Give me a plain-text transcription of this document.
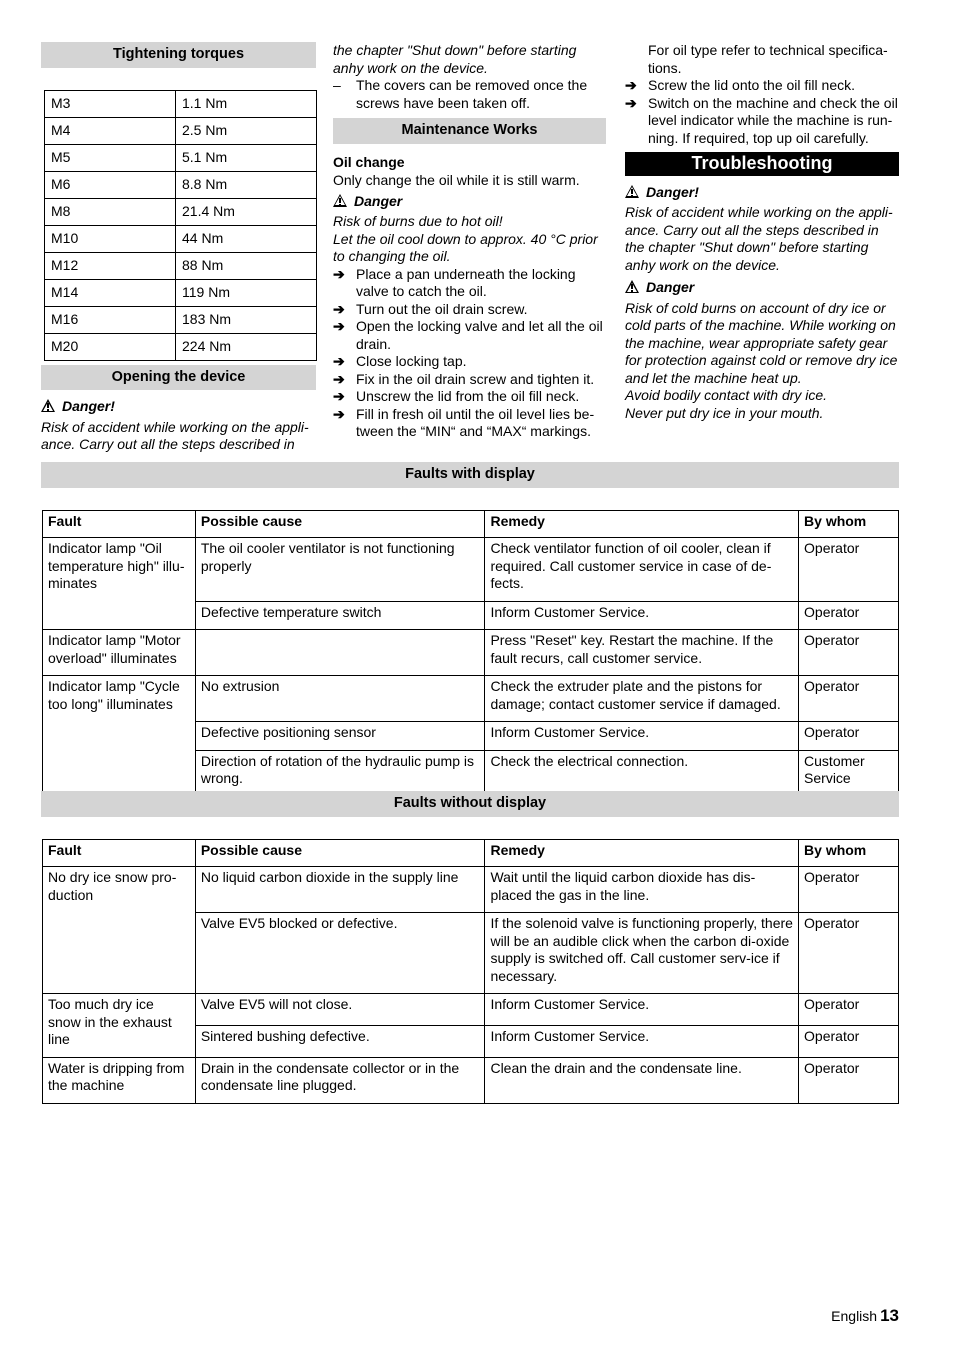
Tightening torques
M3	1.1 Nm
M4	2.5 Nm
M5	5.1 Nm
M6	8.8 Nm
M8	21.4 Nm
M10	44 Nm
M12	88 Nm
M14	119 Nm
M16	183 Nm
M20	224 Nm
Opening the device
Danger!
Risk of accident while working on the appli-ance. Carry out all the steps described in
the chapter "Shut down" before starting anhy work on the device.
– The covers can be removed once the screws have been taken off.
Maintenance Works
Oil change
Only change the oil while it is still warm.
Danger
Risk of burns due to hot oil!
Let the oil cool down to approx. 40 °C prior to changing the oil.
➔ Place a pan underneath the locking valve to catch the oil.
➔ Turn out the oil drain screw.
➔ Open the locking valve and let all the oil drain.
➔ Close locking tap.
➔ Fix in the oil drain screw and tighten it.
➔ Unscrew the lid from the oil fill neck.
➔ Fill in fresh oil until the oil level lies be-tween the “MIN“ and “MAX“ markings.
For oil type refer to technical specifica-tions.
➔ Screw the lid onto the oil fill neck.
➔ Switch on the machine and check the oil level indicator while the machine is run-ning. If required, top up oil carefully.
Troubleshooting
Danger!
Risk of accident while working on the appli-ance. Carry out all the steps described in the chapter "Shut down" before starting anhy work on the device.
Danger
Risk of cold burns on account of dry ice or cold parts of the machine. While working on the machine, wear appropriate safety gear for protection against cold or remove dry ice and let the machine heat up.
Avoid bodily contact with dry ice.
Never put dry ice in your mouth.
Faults with display
Fault	Possible cause	Remedy	By whom
Indicator lamp "Oil temperature high" illu-minates	The oil cooler ventilator is not functioning properly	Check ventilator function of oil cooler, clean if required. Call customer service in case of de-fects.	Operator
	Defective temperature switch	Inform Customer Service.	Operator
Indicator lamp "Motor overload" illuminates		Press "Reset" key. Restart the machine. If the fault recurs, call customer service.	Operator
Indicator lamp "Cycle too long" illuminates	No extrusion	Check the extruder plate and the pistons for damage; contact customer service if damaged.	Operator
	Defective positioning sensor	Inform Customer Service.	Operator
	Direction of rotation of the hydraulic pump is wrong.	Check the electrical connection.	Customer Service
Faults without display
Fault	Possible cause	Remedy	By whom
No dry ice snow pro-duction	No liquid carbon dioxide in the supply line	Wait until the liquid carbon dioxide has dis-placed the gas in the line.	Operator
	Valve EV5 blocked or defective.	If the solenoid valve is functioning properly, there will be an audible click when the carbon di-oxide supply is switched off. Call customer serv-ice if necessary.	Operator
Too much dry ice snow in the exhaust line	Valve EV5 will not close.	Inform Customer Service.	Operator
	Sintered bushing defective.	Inform Customer Service.	Operator
Water is dripping from the machine	Drain in the condensate collector or in the condensate line plugged.	Clean the drain and the condensate line.	Operator
English 13
